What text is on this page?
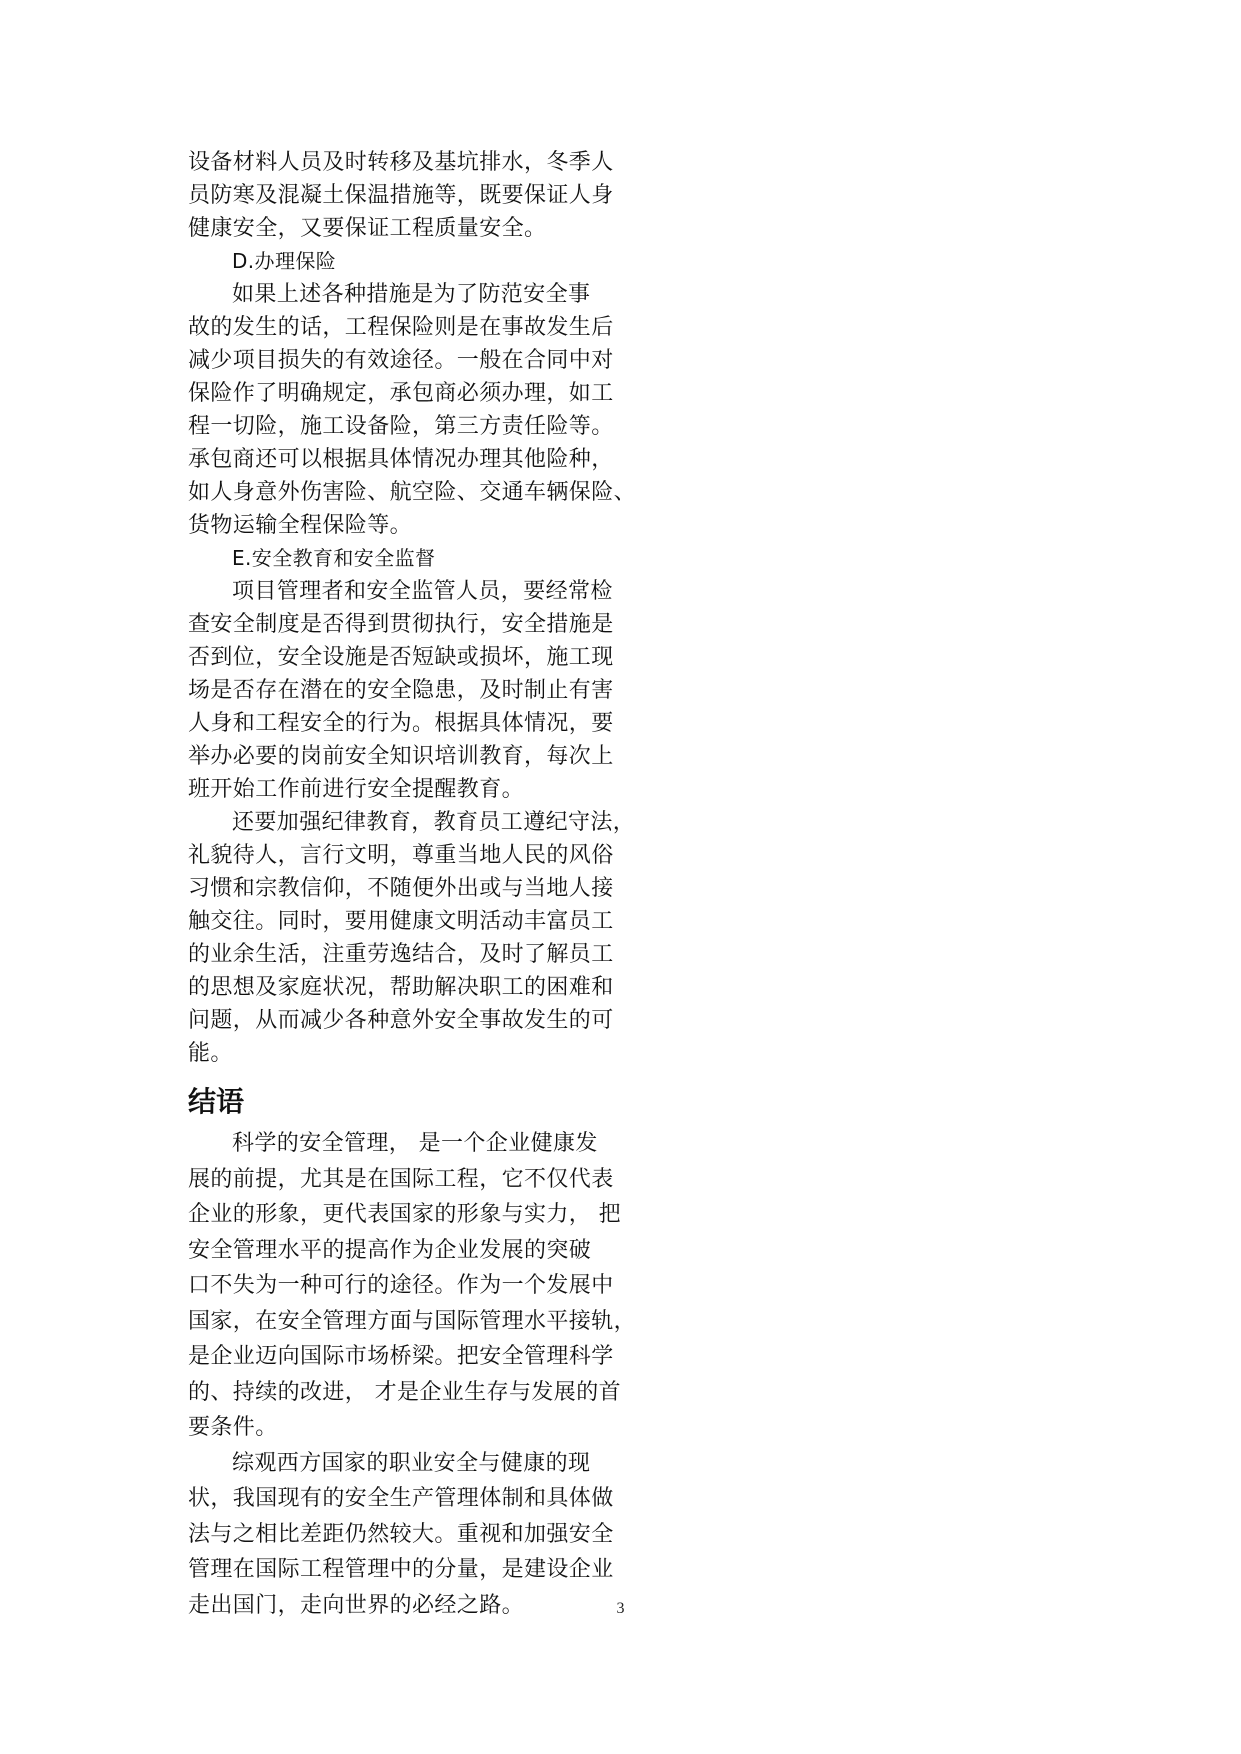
设备材料人员及时转移及基坑排水，冬季人
员防寒及混凝土保温措施等，既要保证人身
健康安全，又要保证工程质量安全。
D.办理保险
如果上述各种措施是为了防范安全事
故的发生的话，工程保险则是在事故发生后
减少项目损失的有效途径。一般在合同中对
保险作了明确规定，承包商必须办理，如工
程一切险，施工设备险，第三方责任险等。
承包商还可以根据具体情况办理其他险种，
如人身意外伤害险、航空险、交通车辆保险、
货物运输全程保险等。
E.安全教育和安全监督
项目管理者和安全监管人员，要经常检
查安全制度是否得到贯彻执行，安全措施是
否到位，安全设施是否短缺或损坏，施工现
场是否存在潜在的安全隐患，及时制止有害
人身和工程安全的行为。根据具体情况，要
举办必要的岗前安全知识培训教育，每次上
班开始工作前进行安全提醒教育。
还要加强纪律教育，教育员工遵纪守法，
礼貌待人，言行文明，尊重当地人民的风俗
习惯和宗教信仰，不随便外出或与当地人接
触交往。同时，要用健康文明活动丰富员工
的业余生活，注重劳逸结合，及时了解员工
的思想及家庭状况，帮助解决职工的困难和
问题，从而减少各种意外安全事故发生的可
能。
结语
科学的安全管理， 是一个企业健康发
展的前提，尤其是在国际工程，它不仅代表
企业的形象，更代表国家的形象与实力， 把
安全管理水平的提高作为企业发展的突破
口不失为一种可行的途径。作为一个发展中
国家，在安全管理方面与国际管理水平接轨，
是企业迈向国际市场桥梁。把安全管理科学
的、持续的改进， 才是企业生存与发展的首
要条件。
综观西方国家的职业安全与健康的现
状，我国现有的安全生产管理体制和具体做
法与之相比差距仍然较大。重视和加强安全
管理在国际工程管理中的分量，是建设企业
走出国门，走向世界的必经之路。	3
